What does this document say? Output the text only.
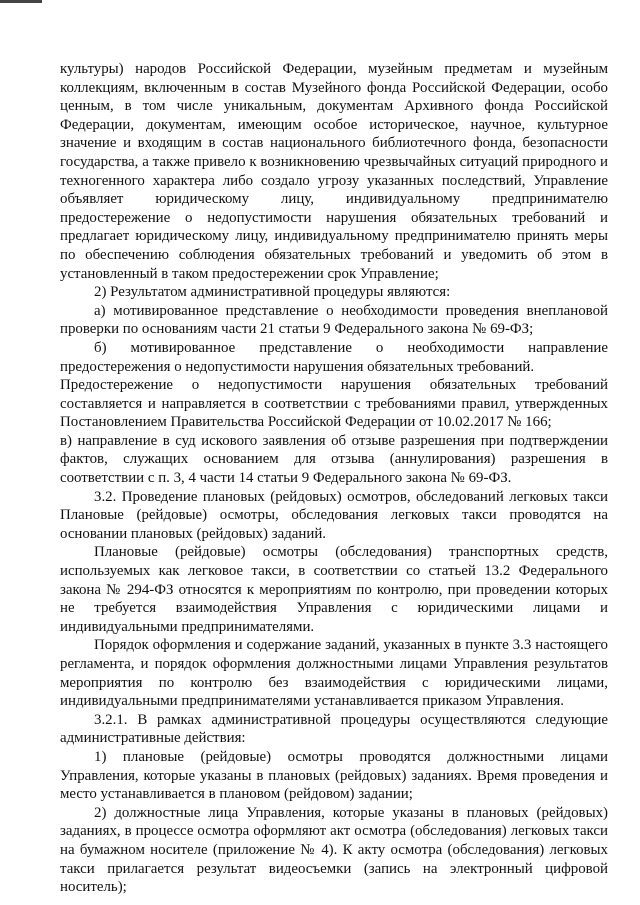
культуры) народов Российской Федерации, музейным предметам и музейным коллекциям, включенным в состав Музейного фонда Российской Федерации, особо ценным, в том числе уникальным, документам Архивного фонда Российской Федерации, документам, имеющим особое историческое, научное, культурное значение и входящим в состав национального библиотечного фонда, безопасности государства, а также привело к возникновению чрезвычайных ситуаций природного и техногенного характера либо создало угрозу указанных последствий, Управление объявляет юридическому лицу, индивидуальному предпринимателю предостережение о недопустимости нарушения обязательных требований и предлагает юридическому лицу, индивидуальному предпринимателю принять меры по обеспечению соблюдения обязательных требований и уведомить об этом в установленный в таком предостережении срок Управление;

2) Результатом административной процедуры являются:

а) мотивированное представление о необходимости проведения внеплановой проверки по основаниям части 21 статьи 9 Федерального закона № 69-ФЗ;

б) мотивированное представление о необходимости направление предостережения о недопустимости нарушения обязательных требований.

Предостережение о недопустимости нарушения обязательных требований составляется и направляется в соответствии с требованиями правил, утвержденных Постановлением Правительства Российской Федерации от 10.02.2017 № 166;

в) направление в суд искового заявления об отзыве разрешения при подтверждении фактов, служащих основанием для отзыва (аннулирования) разрешения в соответствии с п. 3, 4 части 14 статьи 9 Федерального закона № 69-ФЗ.

3.2. Проведение плановых (рейдовых) осмотров, обследований легковых такси Плановые (рейдовые) осмотры, обследования легковых такси проводятся на основании плановых (рейдовых) заданий.

Плановые (рейдовые) осмотры (обследования) транспортных средств, используемых как легковое такси, в соответствии со статьей 13.2 Федерального закона № 294-ФЗ относятся к мероприятиям по контролю, при проведении которых не требуется взаимодействия Управления с юридическими лицами и индивидуальными предпринимателями.

Порядок оформления и содержание заданий, указанных в пункте 3.3 настоящего регламента, и порядок оформления должностными лицами Управления результатов мероприятия по контролю без взаимодействия с юридическими лицами, индивидуальными предпринимателями устанавливается приказом Управления.

3.2.1. В рамках административной процедуры осуществляются следующие административные действия:

1) плановые (рейдовые) осмотры проводятся должностными лицами Управления, которые указаны в плановых (рейдовых) заданиях. Время проведения и место устанавливается в плановом (рейдовом) задании;

2) должностные лица Управления, которые указаны в плановых (рейдовых) заданиях, в процессе осмотра оформляют акт осмотра (обследования) легковых такси на бумажном носителе (приложение № 4). К акту осмотра (обследования) легковых такси прилагается результат видеосъемки (запись на электронный цифровой носитель);
